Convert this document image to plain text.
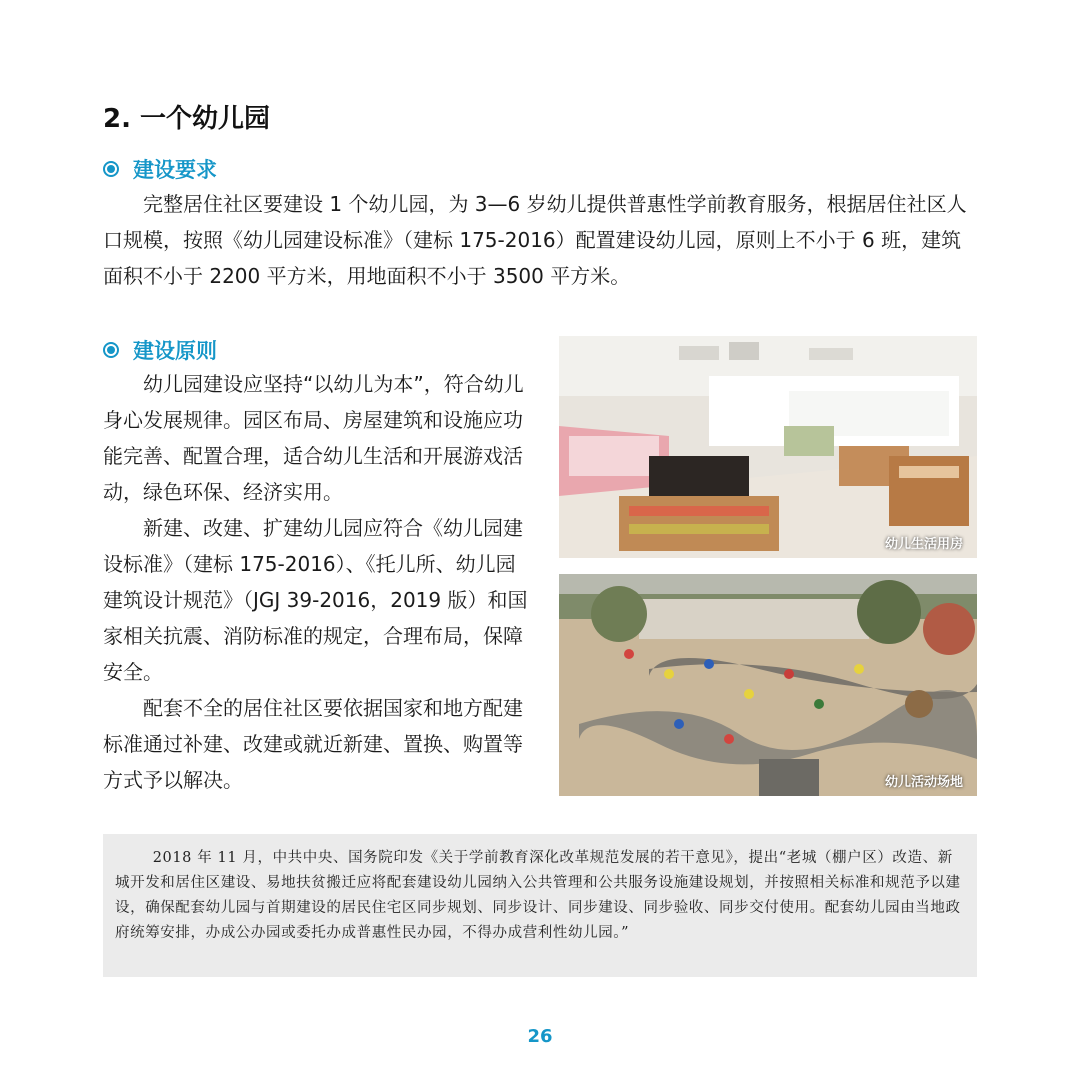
2. 一个幼儿园
建设要求

完整居住社区要建设 1 个幼儿园，为 3—6 岁幼儿提供普惠性学前教育服务，根据居住社区人口规模，按照《幼儿园建设标准》（建标 175-2016）配置建设幼儿园，原则上不小于 6 班，建筑面积不小于 2200 平方米，用地面积不小于 3500 平方米。

建设原则

幼儿园建设应坚持“以幼儿为本”，符合幼儿身心发展规律。园区布局、房屋建筑和设施应功能完善、配置合理，适合幼儿生活和开展游戏活动，绿色环保、经济实用。

新建、改建、扩建幼儿园应符合《幼儿园建设标准》（建标 175-2016）、《托儿所、幼儿园建筑设计规范》（JGJ 39-2016，2019 版）和国家相关抗震、消防标准的规定，合理布局，保障安全。

配套不全的居住社区要依据国家和地方配建标准通过补建、改建或就近新建、置换、购置等方式予以解决。

幼儿生活用房
幼儿活动场地

2018 年 11 月，中共中央、国务院印发《关于学前教育深化改革规范发展的若干意见》，提出“老城（棚户区）改造、新城开发和居住区建设、易地扶贫搬迁应将配套建设幼儿园纳入公共管理和公共服务设施建设规划，并按照相关标准和规范予以建设，确保配套幼儿园与首期建设的居民住宅区同步规划、同步设计、同步建设、同步验收、同步交付使用。配套幼儿园由当地政府统筹安排，办成公办园或委托办成普惠性民办园，不得办成营利性幼儿园。”

26
